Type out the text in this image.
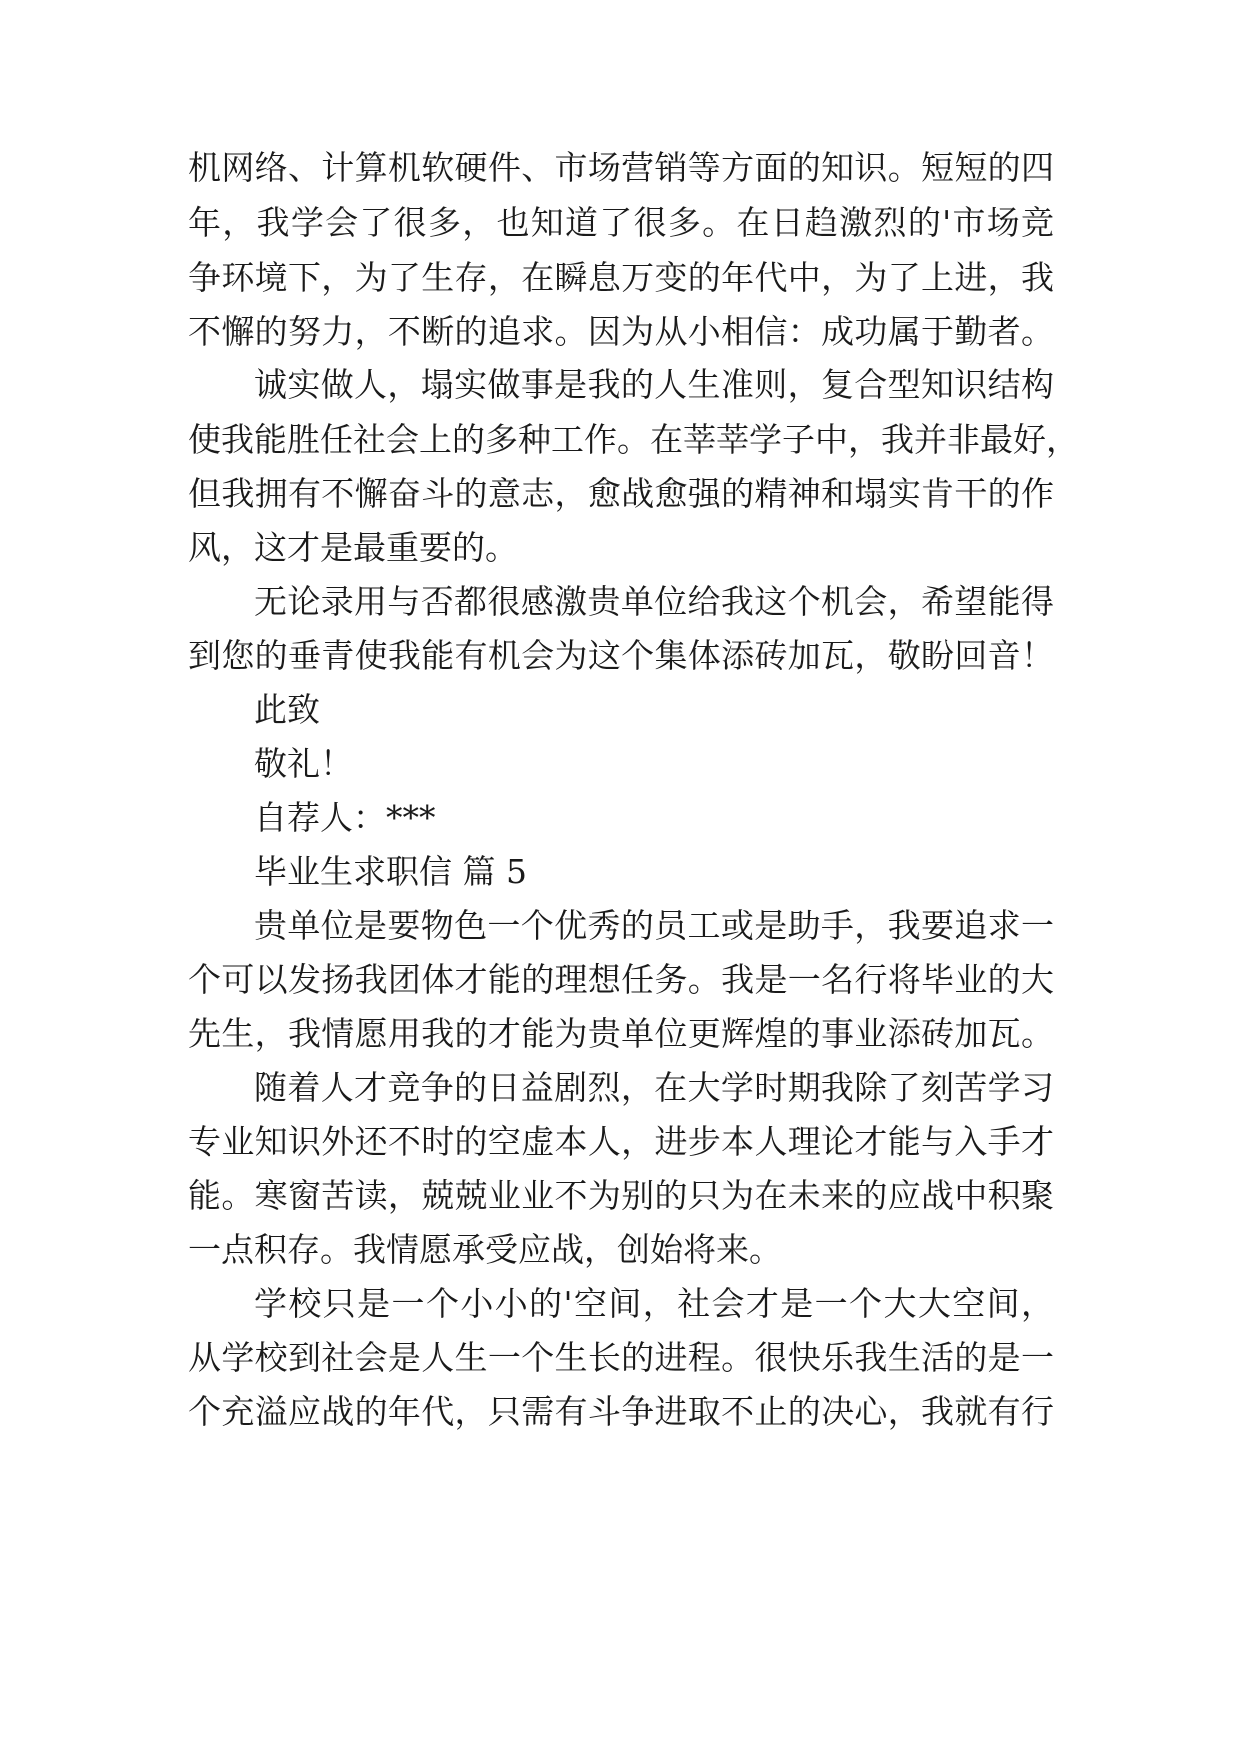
机网络、计算机软硬件、市场营销等方面的知识。短短的四
年，我学会了很多，也知道了很多。在日趋激烈的'市场竞
争环境下，为了生存，在瞬息万变的年代中，为了上进，我
不懈的努力，不断的追求。因为从小相信：成功属于勤者。
诚实做人，塌实做事是我的人生准则，复合型知识结构
使我能胜任社会上的多种工作。在莘莘学子中，我并非最好，
但我拥有不懈奋斗的意志，愈战愈强的精神和塌实肯干的作
风，这才是最重要的。
无论录用与否都很感激贵单位给我这个机会，希望能得
到您的垂青使我能有机会为这个集体添砖加瓦，敬盼回音！
此致
敬礼！
自荐人：***
毕业生求职信 篇 5
贵单位是要物色一个优秀的员工或是助手，我要追求一
个可以发扬我团体才能的理想任务。我是一名行将毕业的大
先生，我情愿用我的才能为贵单位更辉煌的事业添砖加瓦。
随着人才竞争的日益剧烈，在大学时期我除了刻苦学习
专业知识外还不时的空虚本人，进步本人理论才能与入手才
能。寒窗苦读，兢兢业业不为别的只为在未来的应战中积聚
一点积存。我情愿承受应战，创始将来。
学校只是一个小小的'空间，社会才是一个大大空间，
从学校到社会是人生一个生长的进程。很快乐我生活的是一
个充溢应战的年代，只需有斗争进取不止的决心，我就有行
